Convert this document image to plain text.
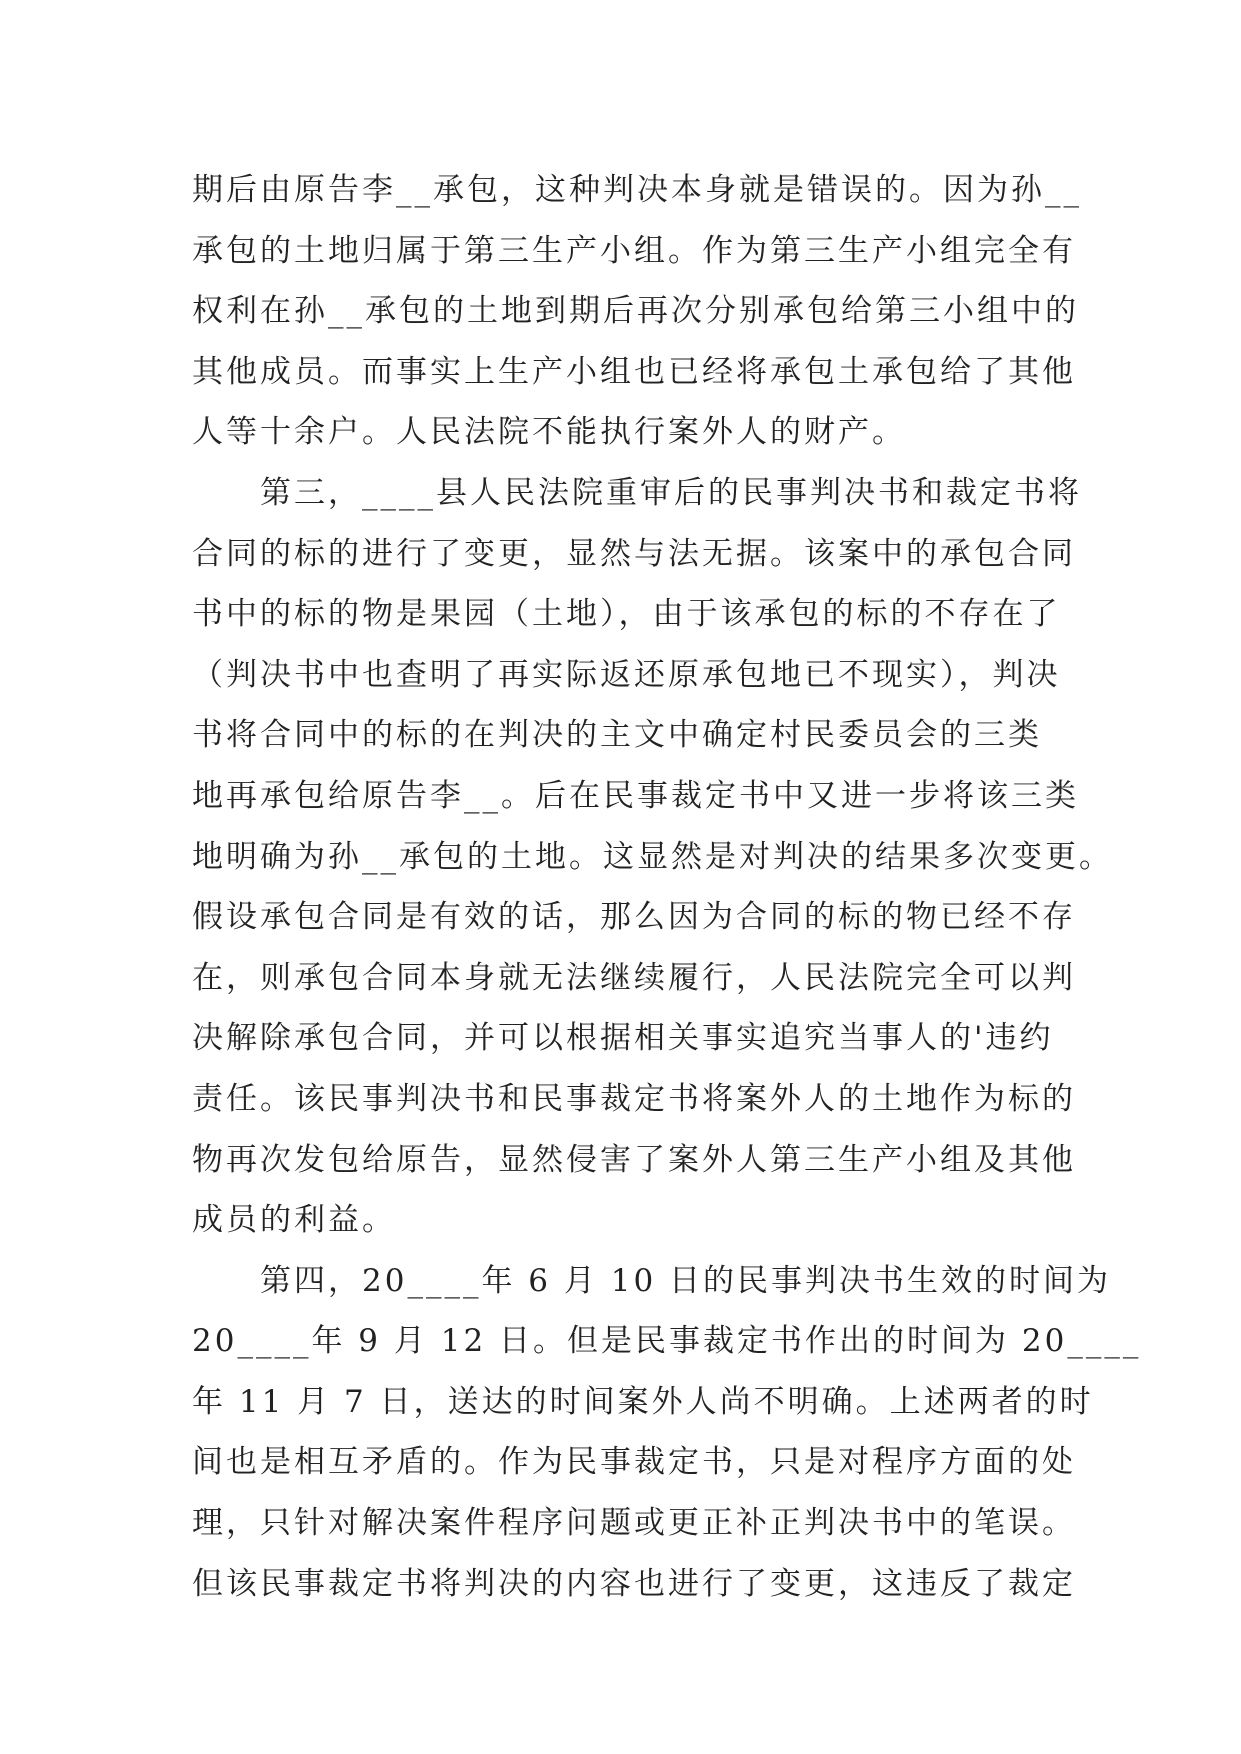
期后由原告李__承包，这种判决本身就是错误的。因为孙__
承包的土地归属于第三生产小组。作为第三生产小组完全有
权利在孙__承包的土地到期后再次分别承包给第三小组中的
其他成员。而事实上生产小组也已经将承包土承包给了其他
人等十余户。人民法院不能执行案外人的财产。
　　第三，____县人民法院重审后的民事判决书和裁定书将
合同的标的进行了变更，显然与法无据。该案中的承包合同
书中的标的物是果园（土地），由于该承包的标的不存在了
（判决书中也查明了再实际返还原承包地已不现实），判决
书将合同中的标的在判决的主文中确定村民委员会的三类
地再承包给原告李__。后在民事裁定书中又进一步将该三类
地明确为孙__承包的土地。这显然是对判决的结果多次变更。
假设承包合同是有效的话，那么因为合同的标的物已经不存
在，则承包合同本身就无法继续履行，人民法院完全可以判
决解除承包合同，并可以根据相关事实追究当事人的'违约
责任。该民事判决书和民事裁定书将案外人的土地作为标的
物再次发包给原告，显然侵害了案外人第三生产小组及其他
成员的利益。
　　第四，20____年 6 月 10 日的民事判决书生效的时间为
20____年 9 月 12 日。但是民事裁定书作出的时间为 20____
年 11 月 7 日，送达的时间案外人尚不明确。上述两者的时
间也是相互矛盾的。作为民事裁定书，只是对程序方面的处
理，只针对解决案件程序问题或更正补正判决书中的笔误。
但该民事裁定书将判决的内容也进行了变更，这违反了裁定
